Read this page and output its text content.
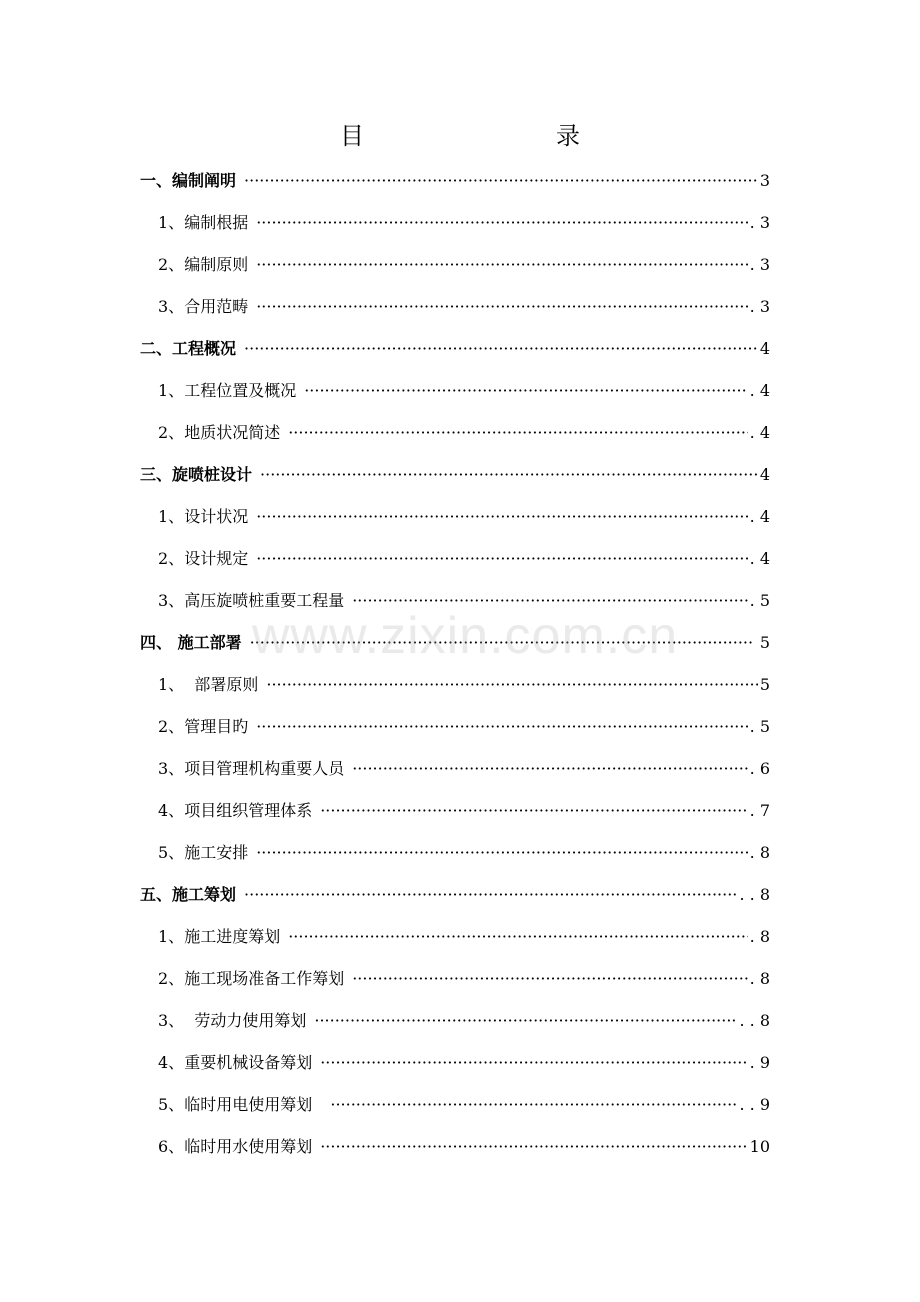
目　　录
一、 编制阐明 ·····	3
1、 编制根据 ·····	. 3
2、 编制原则 ·····	. 3
3、 合用范畴 ·····	. 3
二、 工程概况 ·····	4
1、 工程位置及概况 ·····	. 4
2、 地质状况简述 ·····	. 4
三、 旋喷桩设计 ·····	4
1、 设计状况 ·····	. 4
2、 设计规定 ·····	. 4
3、 高压旋喷桩重要工程量 ·····	. 5
四、 施工部署 ·····	5
1、 部署原则 ·····	5
2、 管理目旳 ·····	. 5
3、 项目管理机构重要人员 ·····	. 6
4、 项目组织管理体系 ·····	. 7
5、 施工安排 ·····	. 8
五、 施工筹划 ·····	. . 8
1、 施工进度筹划 ·····	. 8
2、 施工现场准备工作筹划 ·····	. 8
3、 劳动力使用筹划 ·····	. . 8
4、 重要机械设备筹划 ·····	. 9
5、 临时用电使用筹划 ·····	. . 9
6、 临时用水使用筹划 ·····	10
www.zixin.com.cn
